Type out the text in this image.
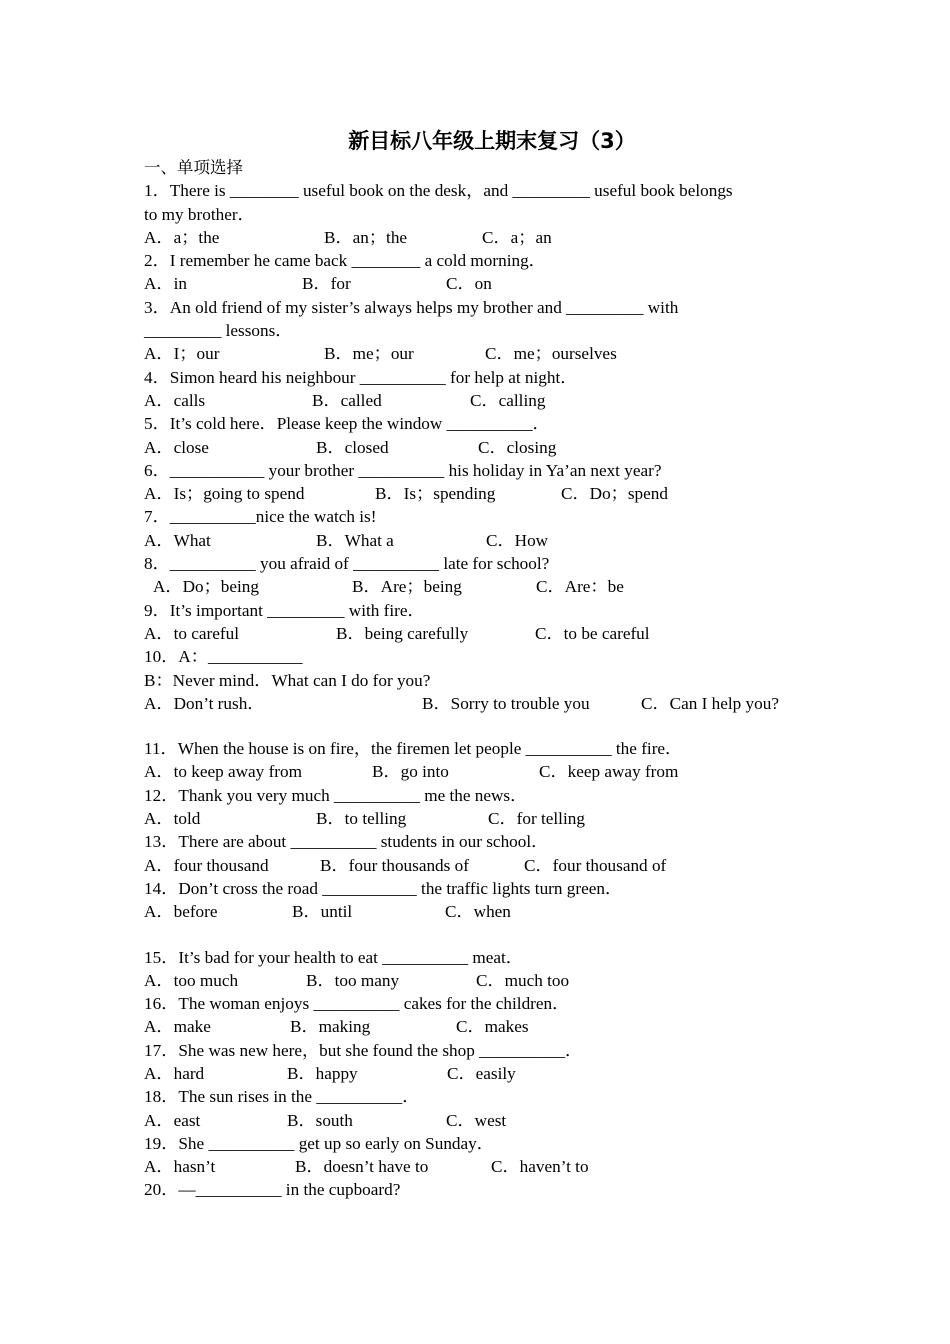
新目标八年级上期末复习（3）
一、单项选择
1．There is ________ useful book on the desk，and _________ useful book belongs
to my brother．
A．a；the	B．an；the	C．a；an
2．I remember he came back ________ a cold morning．
A．in	B．for	C．on
3．An old friend of my sister’s always helps my brother and _________ with
_________ lessons．
A．I；our	B．me；our	C．me；ourselves
4．Simon heard his neighbour __________ for help at night．
A．calls	B．called	C．calling
5．It’s cold here．Please keep the window __________．
A．close	B．closed	C．closing
6．___________ your brother __________ his holiday in Ya’an next year?
A．Is；going to spend	B．Is；spending	C．Do；spend
7．__________nice the watch is!
A．What	B．What a	C．How
8．__________ you afraid of __________ late for school?
A．Do；being	B．Are；being	C．Are：be
9．It’s important _________ with fire．
A．to careful	B．being carefully	C．to be careful
10．A：___________
B：Never mind．What can I do for you?
A．Don’t rush．	B．Sorry to trouble you	C．Can I help you?
11．When the house is on fire，the firemen let people __________ the fire．
A．to keep away from	B．go into	C．keep away from
12．Thank you very much __________ me the news．
A．told	B．to telling	C．for telling
13．There are about __________ students in our school．
A．four thousand	B．four thousands of	C．four thousand of
14．Don’t cross the road ___________ the traffic lights turn green．
A．before	B．until	C．when
15．It’s bad for your health to eat __________ meat．
A．too much	B．too many	C．much too
16．The woman enjoys __________ cakes for the children．
A．make	B．making	C．makes
17．She was new here，but she found the shop __________．
A．hard	B．happy	C．easily
18．The sun rises in the __________．
A．east	B．south	C．west
19．She __________ get up so early on Sunday．
A．hasn’t	B．doesn’t have to	C．haven’t to
20．—__________ in the cupboard?
